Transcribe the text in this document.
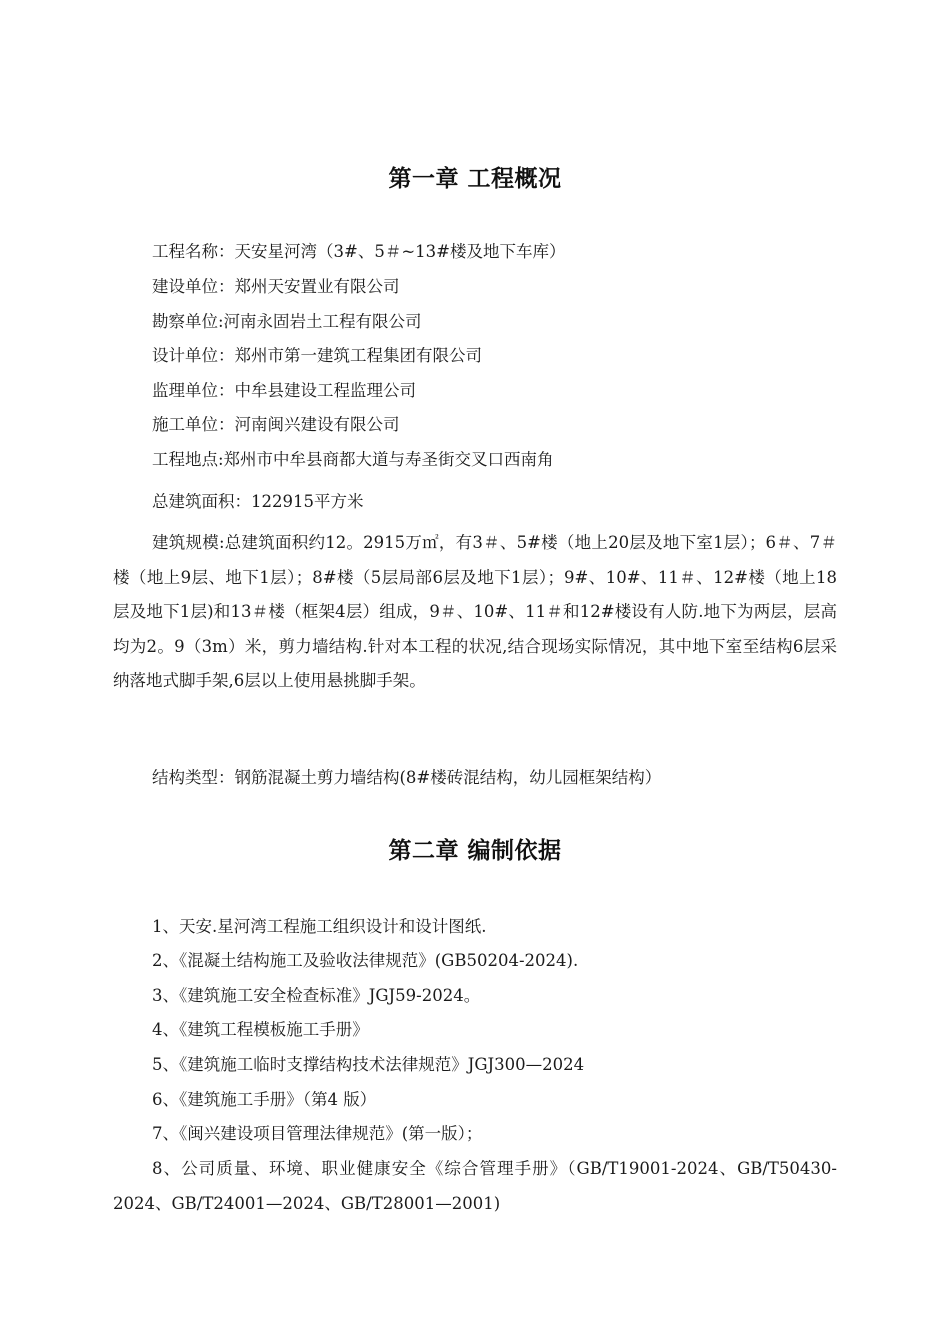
第一章 工程概况
工程名称：天安星河湾（3#、5＃~13#楼及地下车库）
建设单位：郑州天安置业有限公司
勘察单位:河南永固岩土工程有限公司
设计单位：郑州市第一建筑工程集团有限公司
监理单位：中牟县建设工程监理公司
施工单位：河南闽兴建设有限公司
工程地点:郑州市中牟县商都大道与寿圣街交叉口西南角
总建筑面积：122915平方米
建筑规模:总建筑面积约12。2915万㎡，有3＃、5#楼（地上20层及地下室1层）；6＃、7＃楼（地上9层、地下1层）；8#楼（5层局部6层及地下1层）；9#、10#、11＃、12#楼（地上18层及地下1层)和13＃楼（框架4层）组成，9＃、10#、11＃和12#楼设有人防.地下为两层，层高均为2。9（3m）米，剪力墙结构.针对本工程的状况,结合现场实际情况，其中地下室至结构6层采纳落地式脚手架,6层以上使用悬挑脚手架。
结构类型：钢筋混凝土剪力墙结构(8#楼砖混结构，幼儿园框架结构）
第二章 编制依据
1、天安.星河湾工程施工组织设计和设计图纸.
2、《混凝土结构施工及验收法律规范》(GB50204-2024).
3、《建筑施工安全检查标准》JGJ59-2024。
4、《建筑工程模板施工手册》
5、《建筑施工临时支撑结构技术法律规范》JGJ300—2024
6、《建筑施工手册》（第4 版）
7、《闽兴建设项目管理法律规范》(第一版）；
8、公司质量、环境、职业健康安全《综合管理手册》（GB/T19001-2024、GB/T50430-2024、GB/T24001—2024、GB/T28001—2001)
